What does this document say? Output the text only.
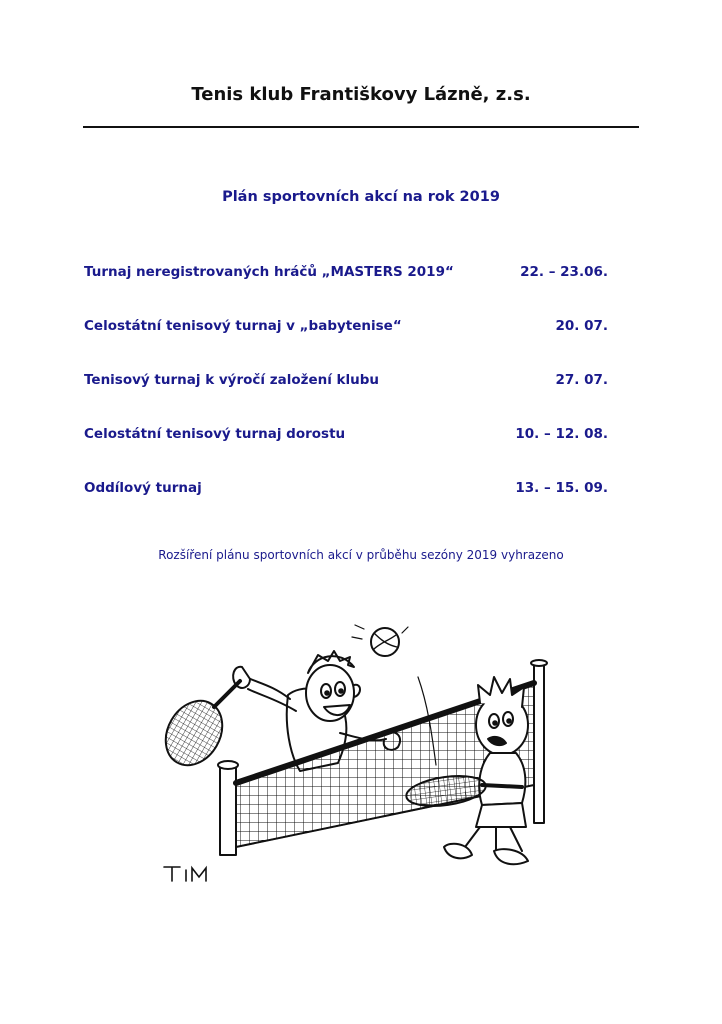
Tenis klub Františkovy Lázně, z.s.
Plán sportovních akcí na rok 2019
Turnaj neregistrovaných hráčů „MASTERS 2019“	22. – 23.06.
Celostátní tenisový turnaj v „babytenise“	20. 07.
Tenisový turnaj k výročí založení klubu	27. 07.
Celostátní tenisový turnaj dorostu	10. – 12. 08.
Oddílový turnaj	13. – 15. 09.
Rozšíření plánu sportovních akcí v průběhu sezóny 2019 vyhrazeno
